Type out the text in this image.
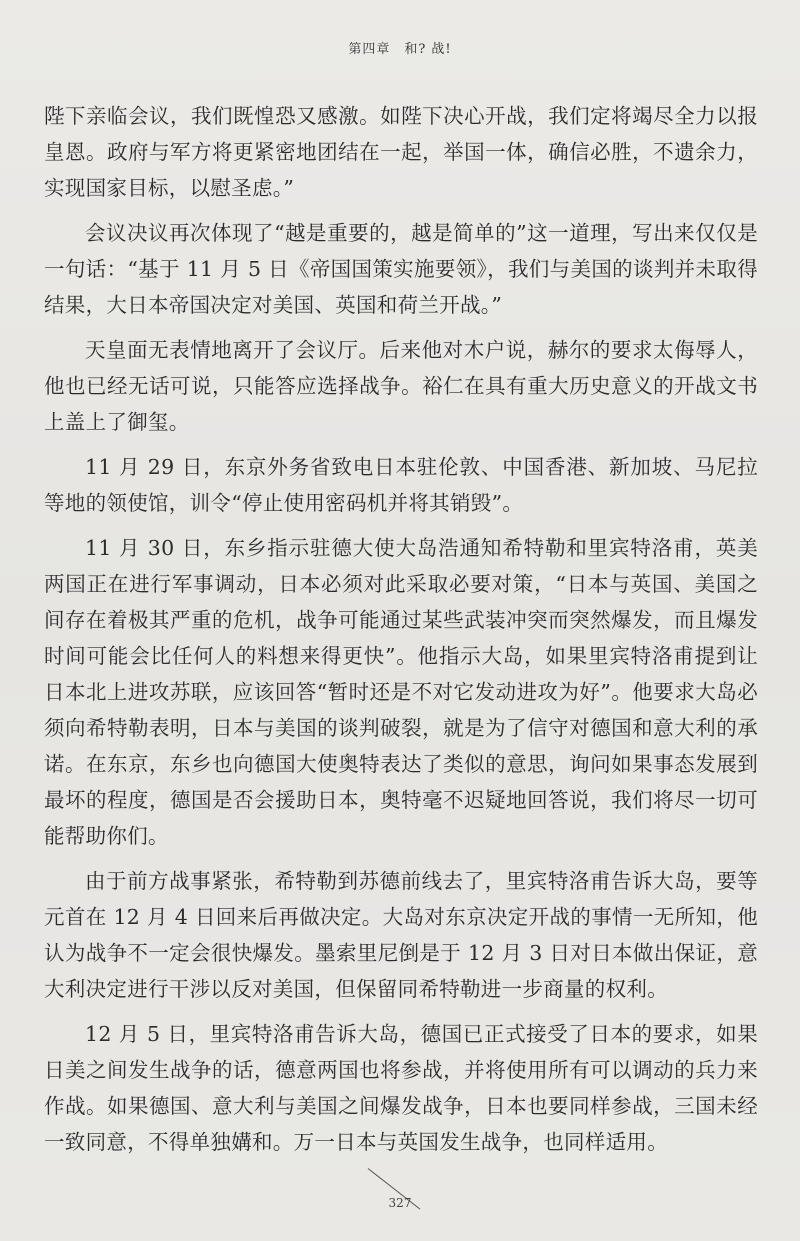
第四章　和? 战!

陛下亲临会议，我们既惶恐又感激。如陛下决心开战，我们定将竭尽全力以报皇恩。政府与军方将更紧密地团结在一起，举国一体，确信必胜，不遗余力，实现国家目标，以慰圣虑。”

会议决议再次体现了“越是重要的，越是简单的”这一道理，写出来仅仅是一句话：“基于 11 月 5 日《帝国国策实施要领》，我们与美国的谈判并未取得结果，大日本帝国决定对美国、英国和荷兰开战。”

天皇面无表情地离开了会议厅。后来他对木户说，赫尔的要求太侮辱人，他也已经无话可说，只能答应选择战争。裕仁在具有重大历史意义的开战文书上盖上了御玺。

11 月 29 日，东京外务省致电日本驻伦敦、中国香港、新加坡、马尼拉等地的领使馆，训令“停止使用密码机并将其销毁”。

11 月 30 日，东乡指示驻德大使大岛浩通知希特勒和里宾特洛甫，英美两国正在进行军事调动，日本必须对此采取必要对策，“日本与英国、美国之间存在着极其严重的危机，战争可能通过某些武装冲突而突然爆发，而且爆发时间可能会比任何人的料想来得更快”。他指示大岛，如果里宾特洛甫提到让日本北上进攻苏联，应该回答“暂时还是不对它发动进攻为好”。他要求大岛必须向希特勒表明，日本与美国的谈判破裂，就是为了信守对德国和意大利的承诺。在东京，东乡也向德国大使奥特表达了类似的意思，询问如果事态发展到最坏的程度，德国是否会援助日本，奥特毫不迟疑地回答说，我们将尽一切可能帮助你们。

由于前方战事紧张，希特勒到苏德前线去了，里宾特洛甫告诉大岛，要等元首在 12 月 4 日回来后再做决定。大岛对东京决定开战的事情一无所知，他认为战争不一定会很快爆发。墨索里尼倒是于 12 月 3 日对日本做出保证，意大利决定进行干涉以反对美国，但保留同希特勒进一步商量的权利。

12 月 5 日，里宾特洛甫告诉大岛，德国已正式接受了日本的要求，如果日美之间发生战争的话，德意两国也将参战，并将使用所有可以调动的兵力来作战。如果德国、意大利与美国之间爆发战争，日本也要同样参战，三国未经一致同意，不得单独媾和。万一日本与英国发生战争，也同样适用。

327
